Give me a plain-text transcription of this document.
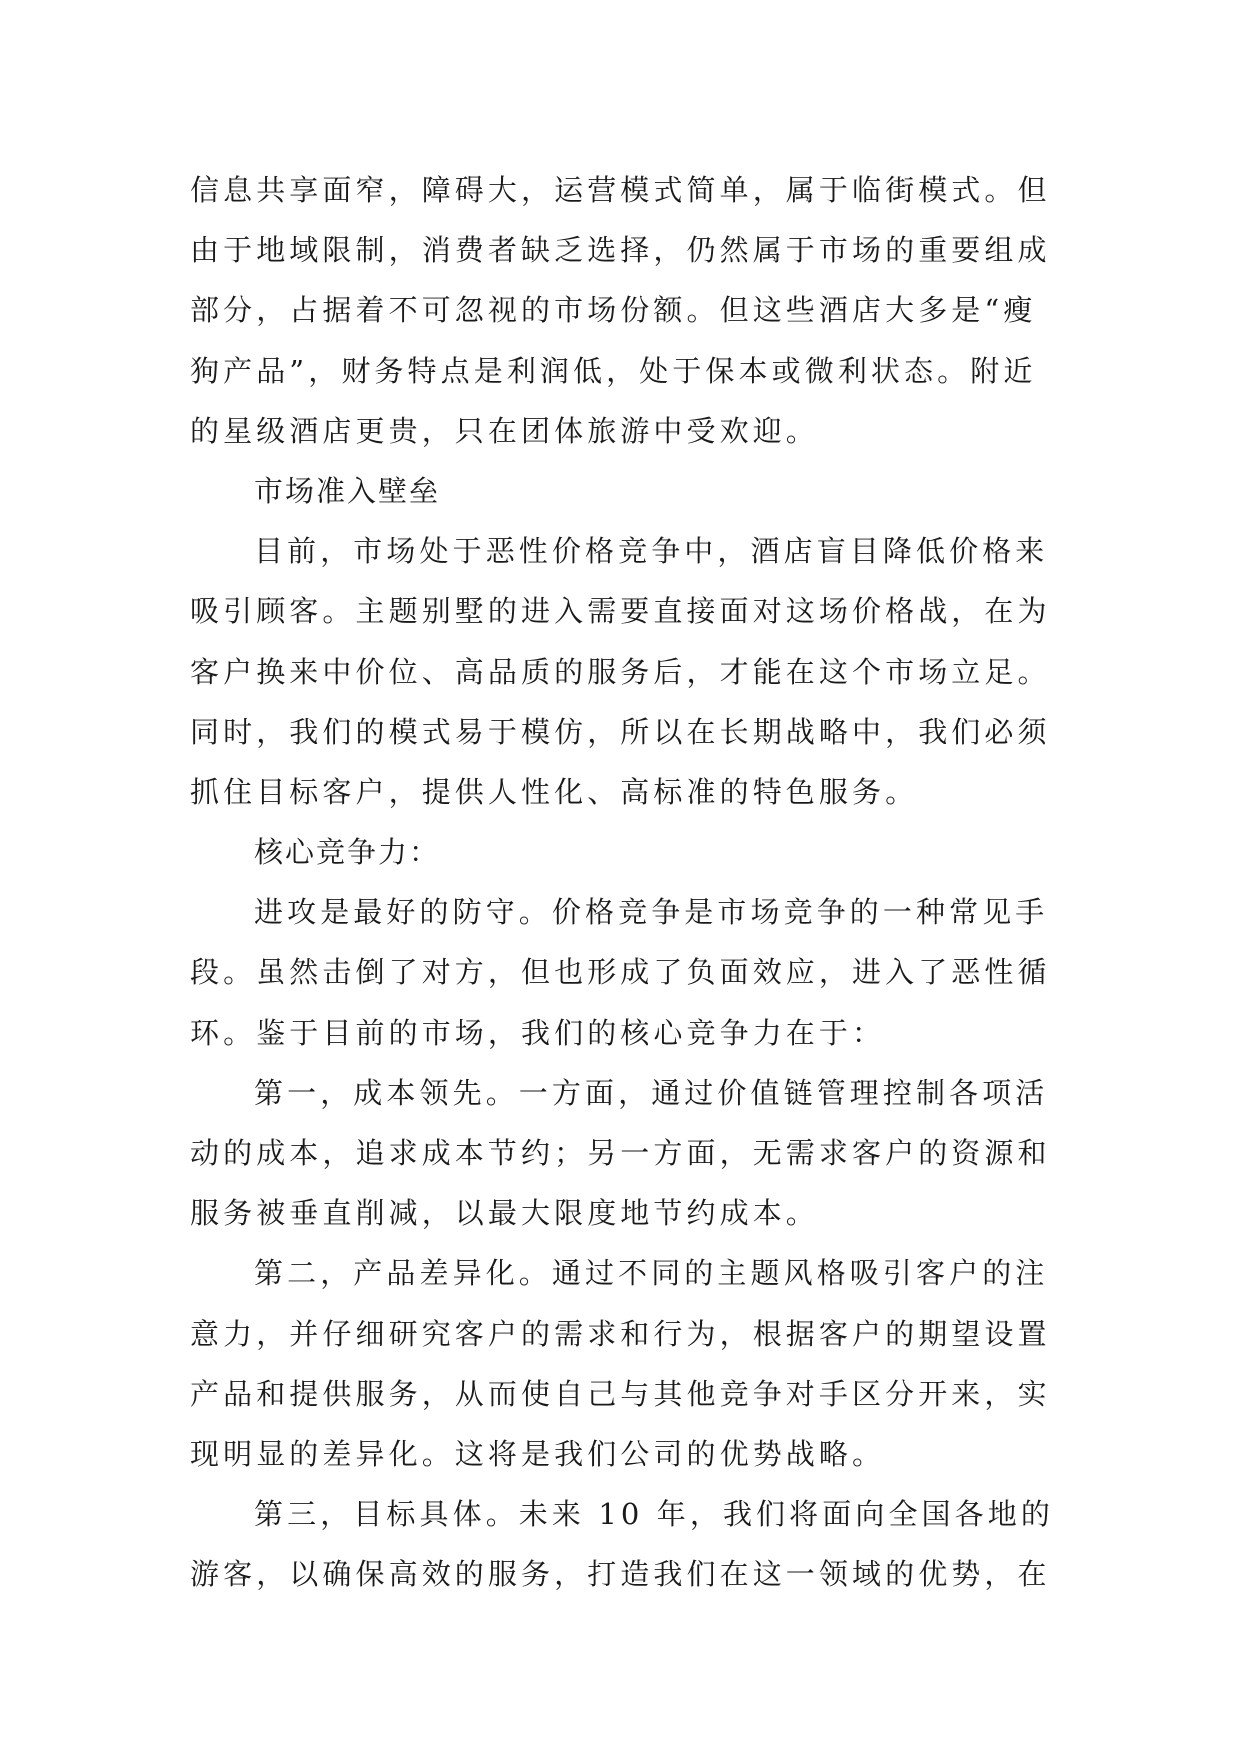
信息共享面窄，障碍大，运营模式简单，属于临街模式。但
由于地域限制，消费者缺乏选择，仍然属于市场的重要组成
部分，占据着不可忽视的市场份额。但这些酒店大多是“瘦
狗产品”，财务特点是利润低，处于保本或微利状态。附近
的星级酒店更贵，只在团体旅游中受欢迎。
市场准入壁垒
目前，市场处于恶性价格竞争中，酒店盲目降低价格来
吸引顾客。主题别墅的进入需要直接面对这场价格战，在为
客户换来中价位、高品质的服务后，才能在这个市场立足。
同时，我们的模式易于模仿，所以在长期战略中，我们必须
抓住目标客户，提供人性化、高标准的特色服务。
核心竞争力：
进攻是最好的防守。价格竞争是市场竞争的一种常见手
段。虽然击倒了对方，但也形成了负面效应，进入了恶性循
环。鉴于目前的市场，我们的核心竞争力在于：
第一，成本领先。一方面，通过价值链管理控制各项活
动的成本，追求成本节约；另一方面，无需求客户的资源和
服务被垂直削减，以最大限度地节约成本。
第二，产品差异化。通过不同的主题风格吸引客户的注
意力，并仔细研究客户的需求和行为，根据客户的期望设置
产品和提供服务，从而使自己与其他竞争对手区分开来，实
现明显的差异化。这将是我们公司的优势战略。
第三，目标具体。未来 10 年，我们将面向全国各地的
游客，以确保高效的服务，打造我们在这一领域的优势，在
